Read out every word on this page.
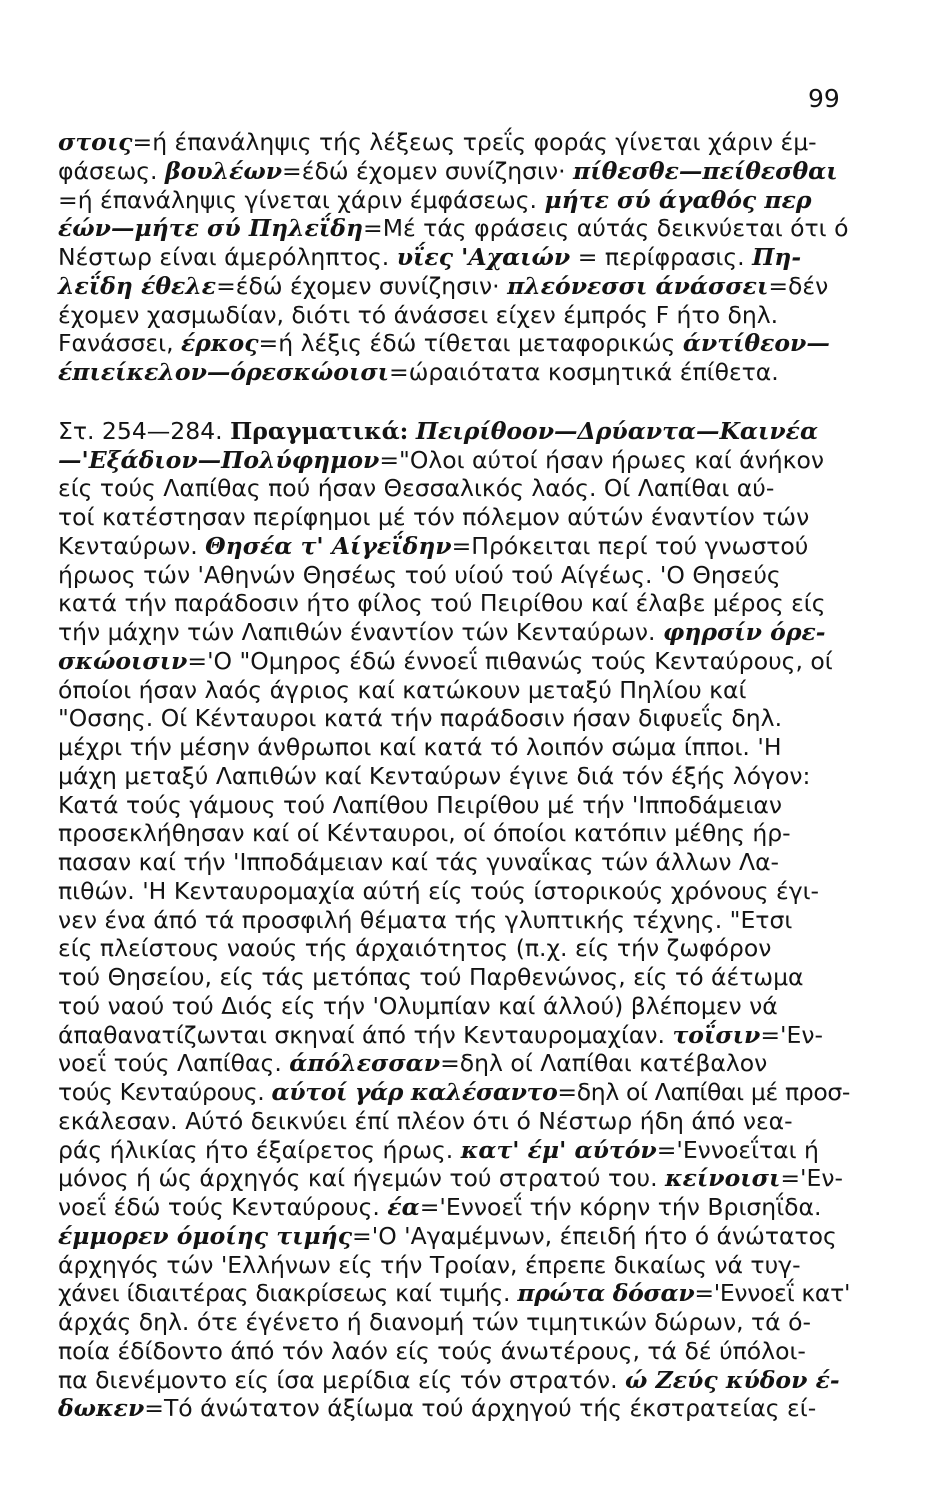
99
στοις=ή έπανάληψις τής λέξεως τρεΐς φοράς γίνεται χάριν έμ-
φάσεως. βουλέων=έδώ έχομεν συνίζησιν· πίθεσθε—πείθεσθαι
=ή έπανάληψις γίνεται χάριν έμφάσεως. μήτε σύ άγαθός περ
έών—μήτε σύ Πηλεΐδη=Μέ τάς φράσεις αύτάς δεικνύεται ότι ό
Νέστωρ είναι άμερόληπτος. υΐες 'Αχαιών = περίφρασις. Πη-
λεΐδη έθελε=έδώ έχομεν συνίζησιν· πλεόνεσσι άνάσσει=δέν
έχομεν χασμωδίαν, διότι τό άνάσσει είχεν έμπρός F ήτο δηλ.
Fανάσσει, έρκος=ή λέξις έδώ τίθεται μεταφορικώς άντίθεον—
έπιείκελον—όρεσκώοισι=ώραιότατα κοσμητικά έπίθετα.
Στ. 254—284. Πραγματικά: Πειρίθοον—Δρύαντα—Καινέα
—'Εξάδιον—Πολύφημον="Ολοι αύτοί ήσαν ήρωες καί άνήκον
είς τούς Λαπίθας πού ήσαν Θεσσαλικός λαός. Οί Λαπίθαι αύ-
τοί κατέστησαν περίφημοι μέ τόν πόλεμον αύτών έναντίον τών
Κενταύρων. Θησέα τ' Αίγεΐδην=Πρόκειται περί τού γνωστού
ήρωος τών 'Αθηνών Θησέως τού υίού τού Αίγέως. 'Ο Θησεύς
κατά τήν παράδοσιν ήτο φίλος τού Πειρίθου καί έλαβε μέρος είς
τήν μάχην τών Λαπιθών έναντίον τών Κενταύρων. φηρσίν όρε-
σκώοισιν='Ο "Ομηρος έδώ έννοεΐ πιθανώς τούς Κενταύρους, οί
όποίοι ήσαν λαός άγριος καί κατώκουν μεταξύ Πηλίου καί
"Οσσης. Οί Κένταυροι κατά τήν παράδοσιν ήσαν διφυεΐς δηλ.
μέχρι τήν μέσην άνθρωποι καί κατά τό λοιπόν σώμα ίπποι. 'Η
μάχη μεταξύ Λαπιθών καί Κενταύρων έγινε διά τόν έξής λόγον:
Κατά τούς γάμους τού Λαπίθου Πειρίθου μέ τήν 'Ιπποδάμειαν
προσεκλήθησαν καί οί Κένταυροι, οί όποίοι κατόπιν μέθης ήρ-
πασαν καί τήν 'Ιπποδάμειαν καί τάς γυναΐκας τών άλλων Λα-
πιθών. 'Η Κενταυρομαχία αύτή είς τούς ίστορικούς χρόνους έγι-
νεν ένα άπό τά προσφιλή θέματα τής γλυπτικής τέχνης. "Ετσι
είς πλείστους ναούς τής άρχαιότητος (π.χ. είς τήν ζωφόρον
τού Θησείου, είς τάς μετόπας τού Παρθενώνος, είς τό άέτωμα
τού ναού τού Διός είς τήν 'Ολυμπίαν καί άλλού) βλέπομεν νά
άπαθανατίζωνται σκηναί άπό τήν Κενταυρομαχίαν. τοΐσιν='Εν-
νοεΐ τούς Λαπίθας. άπόλεσσαν=δηλ οί Λαπίθαι κατέβαλον
τούς Κενταύρους. αύτοί γάρ καλέσαντο=δηλ οί Λαπίθαι μέ προσ-
εκάλεσαν. Αύτό δεικνύει έπί πλέον ότι ό Νέστωρ ήδη άπό νεα-
ράς ήλικίας ήτο έξαίρετος ήρως. κατ' έμ' αύτόν='Εννοεΐται ή
μόνος ή ώς άρχηγός καί ήγεμών τού στρατού του. κείνοισι='Εν-
νοεΐ έδώ τούς Κενταύρους. έα='Εννοεΐ τήν κόρην τήν Βρισηΐδα.
έμμορεν όμοίης τιμής='Ο 'Αγαμέμνων, έπειδή ήτο ό άνώτατος
άρχηγός τών 'Ελλήνων είς τήν Τροίαν, έπρεπε δικαίως νά τυγ-
χάνει ίδιαιτέρας διακρίσεως καί τιμής. πρώτα δόσαν='Εννοεΐ κατ'
άρχάς δηλ. ότε έγένετο ή διανομή τών τιμητικών δώρων, τά ό-
ποία έδίδοντο άπό τόν λαόν είς τούς άνωτέρους, τά δέ ύπόλοι-
πα διενέμοντο είς ίσα μερίδια είς τόν στρατόν. ώ Ζεύς κύδον έ-
δωκεν=Τό άνώτατον άξίωμα τού άρχηγού τής έκστρατείας εί-
